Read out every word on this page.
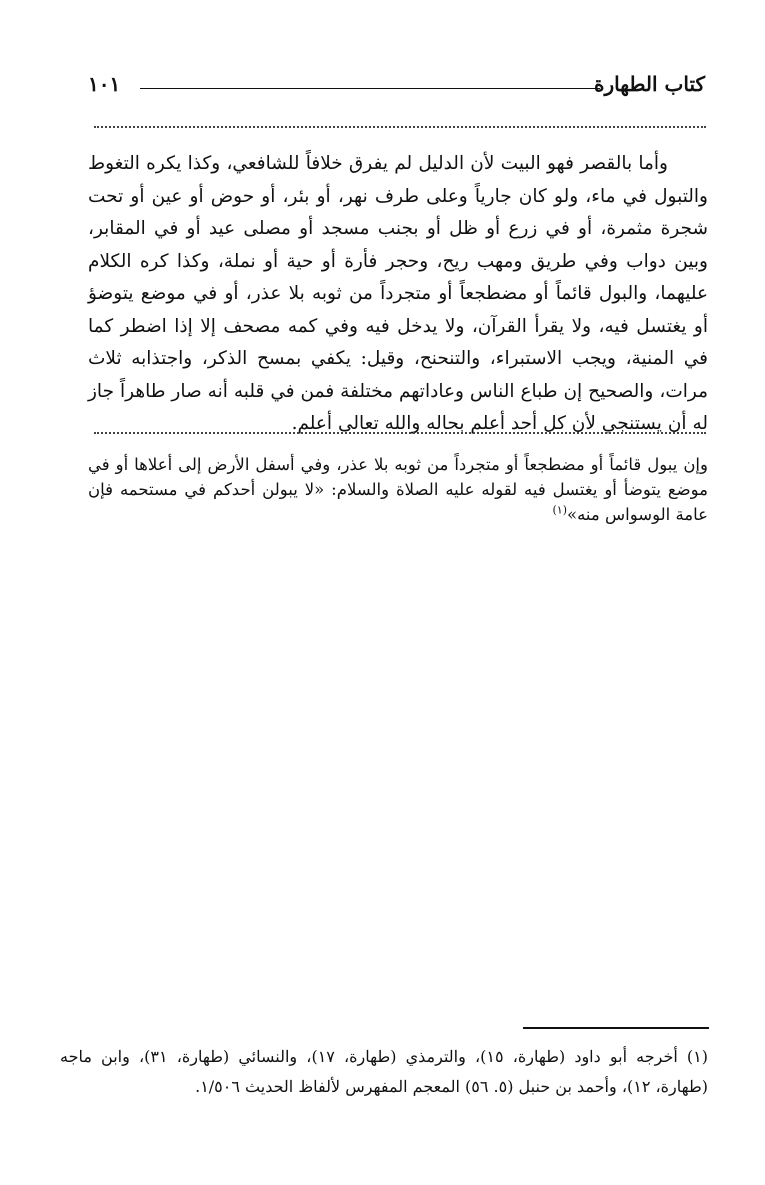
كتاب الطهارة
١٠١

وأما بالقصر فهو البيت لأن الدليل لم يفرق خلافاً للشافعي، وكذا يكره التغوط والتبول في ماء، ولو كان جارياً وعلى طرف نهر، أو بئر، أو حوض أو عين أو تحت شجرة مثمرة، أو في زرع أو ظل أو بجنب مسجد أو مصلى عيد أو في المقابر، وبين دواب وفي طريق ومهب ريح، وحجر فأرة أو حية أو نملة، وكذا كره الكلام عليهما، والبول قائماً أو مضطجعاً أو متجرداً من ثوبه بلا عذر، أو في موضع يتوضؤ أو يغتسل فيه، ولا يقرأ القرآن، ولا يدخل فيه وفي كمه مصحف إلا إذا اضطر كما في المنية، ويجب الاستبراء، والتنحنح، وقيل: يكفي بمسح الذكر، واجتذابه ثلاث مرات، والصحيح إن طباع الناس وعاداتهم مختلفة فمن في قلبه أنه صار طاهراً جاز له أن يستنجي لأن كل أحد أعلم بحاله والله تعالى أعلم.

وإن يبول قائماً أو مضطجعاً أو متجرداً من ثوبه بلا عذر، وفي أسفل الأرض إلى أعلاها أو في موضع يتوضأ أو يغتسل فيه لقوله عليه الصلاة والسلام: «لا يبولن أحدكم في مستحمه فإن عامة الوسواس منه»$^{(١)}$

(١) أخرجه أبو داود (طهارة، ١٥)، والترمذي (طهارة، ١٧)، والنسائي (طهارة، ٣١)، وابن ماجه (طهارة، ١٢)، وأحمد بن حنبل (٥. ٥٦) المعجم المفهرس لألفاظ الحديث ١/٥٠٦.
